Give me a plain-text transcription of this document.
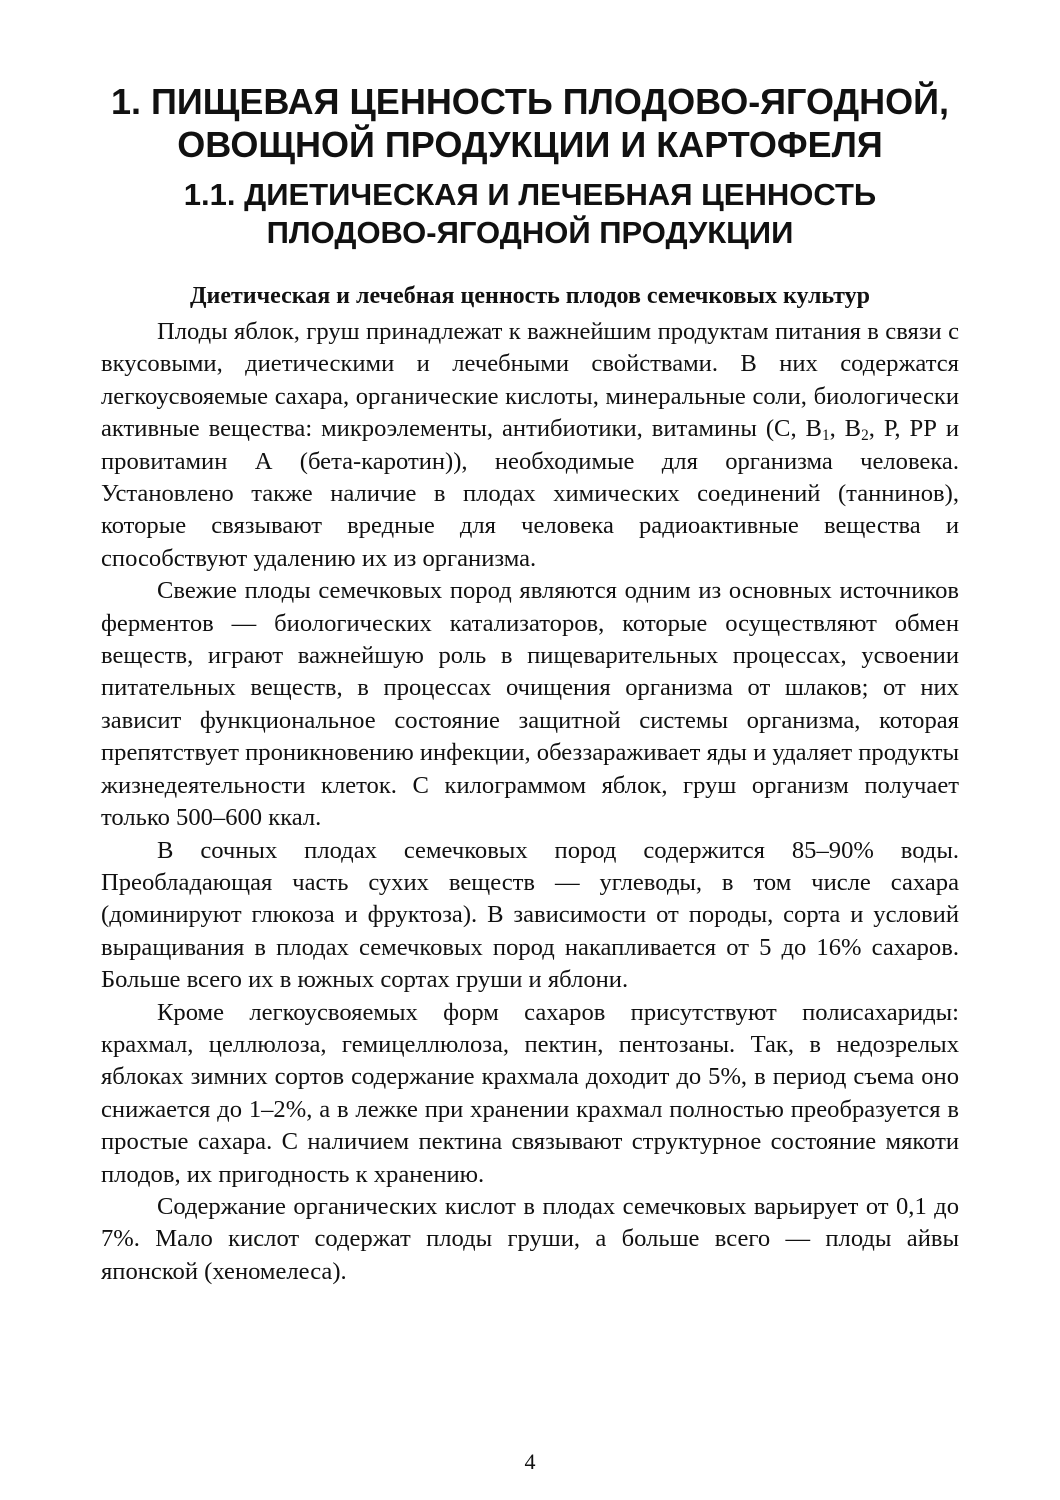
1. ПИЩЕВАЯ ЦЕННОСТЬ ПЛОДОВО-ЯГОДНОЙ,
ОВОЩНОЙ ПРОДУКЦИИ И КАРТОФЕЛЯ
1.1. ДИЕТИЧЕСКАЯ И ЛЕЧЕБНАЯ ЦЕННОСТЬ
ПЛОДОВО-ЯГОДНОЙ ПРОДУКЦИИ
Диетическая и лечебная ценность плодов семечковых культур

Плоды яблок, груш принадлежат к важнейшим продуктам питания в связи с вкусовыми, диетическими и лечебными свойствами. В них содержатся легкоусвояемые сахара, органические кислоты, минеральные соли, биологически активные вещества: микроэлементы, антибиотики, витамины (С, $В_1$, $В_2$, Р, РР и провитамин А (бета-каротин)), необходимые для организма человека. Установлено также наличие в плодах химических соединений (таннинов), которые связывают вредные для человека радиоактивные вещества и способствуют удалению их из организма.

Свежие плоды семечковых пород являются одним из основных источников ферментов — биологических катализаторов, которые осуществляют обмен веществ, играют важнейшую роль в пищеварительных процессах, усвоении питательных веществ, в процессах очищения организма от шлаков; от них зависит функциональное состояние защитной системы организма, которая препятствует проникновению инфекции, обеззараживает яды и удаляет продукты жизнедеятельности клеток. С килограммом яблок, груш организм получает только 500–600 ккал.

В сочных плодах семечковых пород содержится 85–90% воды. Преобладающая часть сухих веществ — углеводы, в том числе сахара (доминируют глюкоза и фруктоза). В зависимости от породы, сорта и условий выращивания в плодах семечковых пород накапливается от 5 до 16% сахаров. Больше всего их в южных сортах груши и яблони.

Кроме легкоусвояемых форм сахаров присутствуют полисахариды: крахмал, целлюлоза, гемицеллюлоза, пектин, пентозаны. Так, в недозрелых яблоках зимних сортов содержание крахмала доходит до 5%, в период съема оно снижается до 1–2%, а в лежке при хранении крахмал полностью преобразуется в простые сахара. С наличием пектина связывают структурное состояние мякоти плодов, их пригодность к хранению.

Содержание органических кислот в плодах семечковых варьирует от 0,1 до 7%. Мало кислот содержат плоды груши, а больше всего — плоды айвы японской (хеномелеса).

4
